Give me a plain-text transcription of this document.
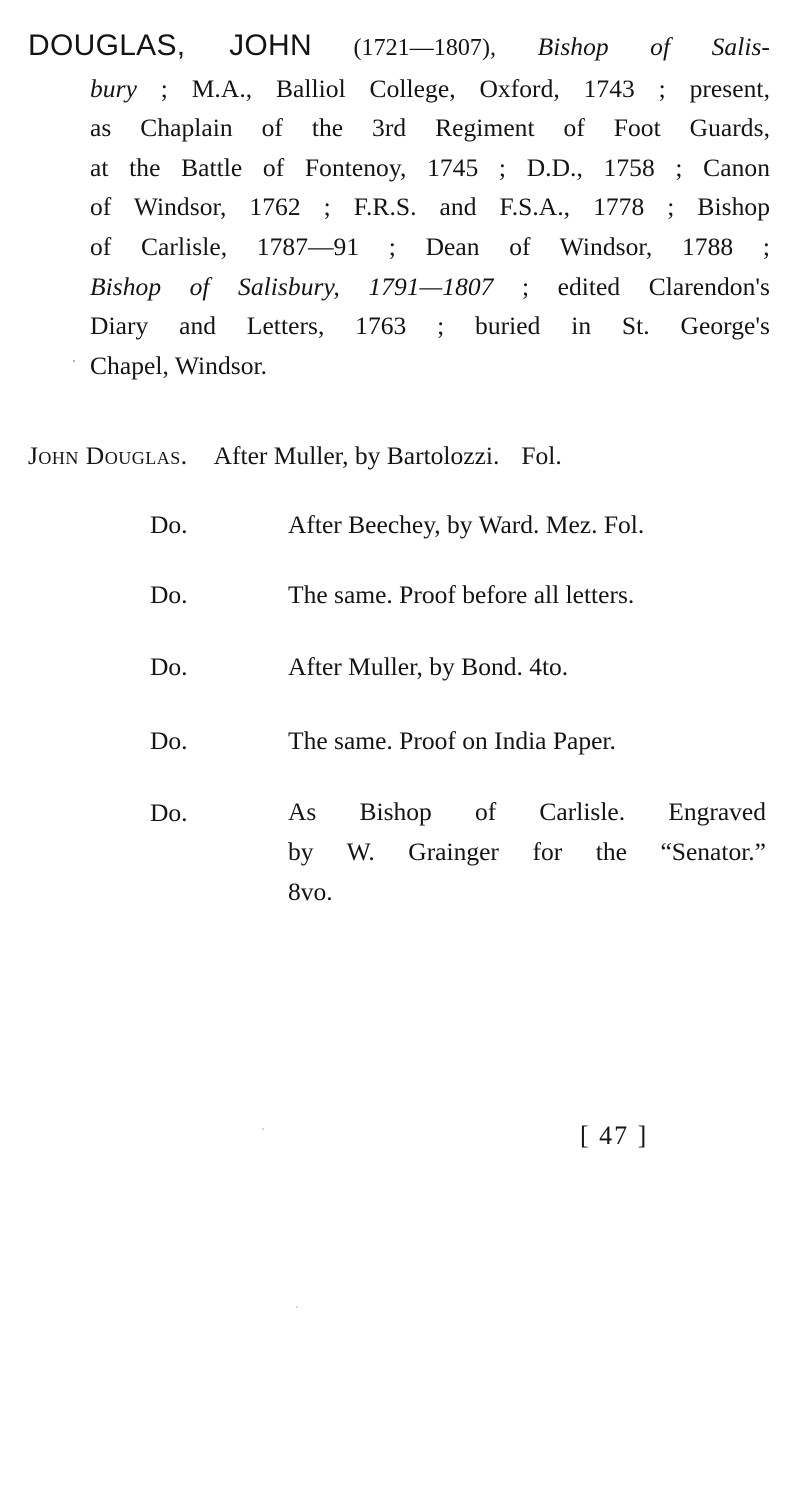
DOUGLAS, JOHN (1721—1807), Bishop of Salis-
bury ; M.A., Balliol College, Oxford, 1743 ; present,
as Chaplain of the 3rd Regiment of Foot Guards,
at the Battle of Fontenoy, 1745 ; D.D., 1758 ; Canon
of Windsor, 1762 ; F.R.S. and F.S.A., 1778 ; Bishop
of Carlisle, 1787—91 ; Dean of Windsor, 1788 ;
Bishop of Salisbury, 1791—1807 ; edited Clarendon's
Diary and Letters, 1763 ; buried in St. George's
Chapel, Windsor.
John Douglas. After Muller, by Bartolozzi. Fol.
Do.	After Beechey, by Ward. Mez. Fol.
Do.	The same. Proof before all letters.
Do.	After Muller, by Bond. 4to.
Do.	The same. Proof on India Paper.
Do.	As Bishop of Carlisle. Engraved
by W. Grainger for the “Senator.”
8vo.
[ 47 ]
